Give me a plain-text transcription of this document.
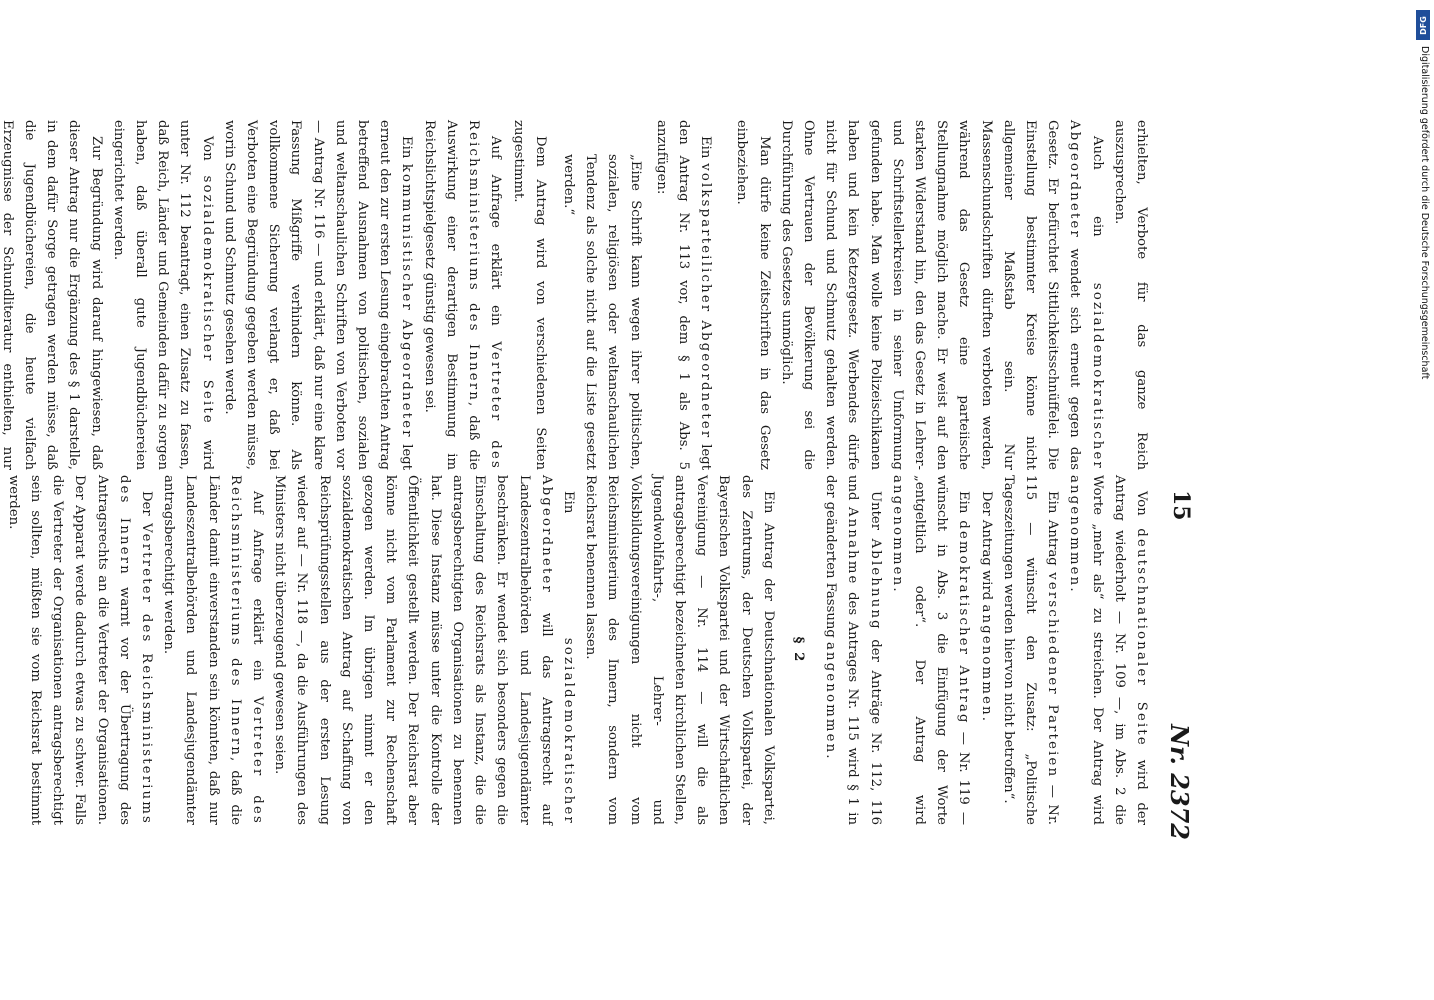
15
Nr. 2372

erhielten, Verbote für das ganze Reich auszusprechen.

Auch ein sozialdemokratischer Abgeordneter wendet sich erneut gegen das Gesetz. Er befürchtet Sittlichkeitsschnüffelei. Die Einstellung bestimmter Kreise könne nicht allgemeiner Maßstab sein. Nur Massenschundschriften dürften verboten werden, während das Gesetz eine parteiische Stellungnahme möglich mache. Er weist auf den starken Widerstand hin, den das Gesetz in Lehrer- und Schriftstellerkreisen in seiner Umformung gefunden habe. Man wolle keine Polizeischikanen haben und kein Ketzergesetz. Werbendes dürfe nicht für Schund und Schmutz gehalten werden. Ohne Vertrauen der Bevölkerung sei die Durchführung des Gesetzes unmöglich.

Man dürfe keine Zeitschriften in das Gesetz einbeziehen.

Ein volksparteilicher Abgeordneter legt den Antrag Nr. 113 vor, dem § 1 als Abs. 5 anzufügen:

„Eine Schrift kann wegen ihrer politischen, sozialen, religiösen oder weltanschaulichen Tendenz als solche nicht auf die Liste gesetzt werden.“

Dem Antrag wird von verschiedenen Seiten zugestimmt.

Auf Anfrage erklärt ein Vertreter des Reichsministeriums des Innern, daß die Auswirkung einer derartigen Bestimmung im Reichslichtspielgesetz günstig gewesen sei.

Ein kommunistischer Abgeordneter legt erneut den zur ersten Lesung eingebrachten Antrag betreffend Ausnahmen von politischen, sozialen und weltanschaulichen Schriften von Verboten vor — Antrag Nr. 116 — und erklärt, daß nur eine klare Fassung Mißgriffe verhindern könne. Als vollkommene Sicherung verlangt er, daß bei Verboten eine Begründung gegeben werden müsse, worin Schund und Schmutz gesehen werde.

Von sozialdemokratischer Seite wird unter Nr. 112 beantragt, einen Zusatz zu fassen, daß Reich, Länder und Gemeinden dafür zu sorgen haben, daß überall gute Jugendbüchereien eingerichtet werden.

Zur Begründung wird darauf hingewiesen, daß dieser Antrag nur die Ergänzung des § 1 darstelle, in dem dafür Sorge getragen werden müsse, daß die Jugendbüchereien, die heute vielfach Erzeugnisse der Schundliteratur enthielten, nur

Von deutschnationaler Seite wird der Antrag wiederholt — Nr. 109 —, im Abs. 2 die Worte „mehr als“ zu streichen. Der Antrag wird angenommen.

Ein Antrag verschiedener Parteien — Nr. 115 — wünscht den Zusatz: „Politische Tageszeitungen werden hiervon nicht betroffen“.

Der Antrag wird angenommen.

Ein demokratischer Antrag — Nr. 119 — wünscht in Abs. 3 die Einfügung der Worte „entgeltlich oder“. Der Antrag wird angenommen.

Unter Ablehnung der Anträge Nr. 112, 116 und Annahme des Antrages Nr. 115 wird § 1 in der geänderten Fassung angenommen.

§ 2

Ein Antrag der Deutschnationalen Volkspartei, des Zentrums, der Deutschen Volkspartei, der Bayerischen Volkspartei und der Wirtschaftlichen Vereinigung — Nr. 114 — will die als antragsberechtigt bezeichneten kirchlichen Stellen, Jugendwohlfahrts-, Lehrer- und Volksbildungsvereinigungen nicht vom Reichsministerium des Innern, sondern vom Reichsrat benennen lassen.

Ein sozialdemokratischer Abgeordneter will das Antragsrecht auf Landeszentralbehörden und Landesjugendämter beschränken. Er wendet sich besonders gegen die Einschaltung des Reichsrats als Instanz, die die antragsberechtigten Organisationen zu benennen hat. Diese Instanz müsse unter die Kontrolle der Öffentlichkeit gestellt werden. Der Reichsrat aber könne nicht vom Parlament zur Rechenschaft gezogen werden. Im übrigen nimmt er den sozialdemokratischen Antrag auf Schaffung von Reichsprüfungsstellen aus der ersten Lesung wieder auf — Nr. 118 —, da die Ausführungen des Ministers nicht überzeugend gewesen seien.

Auf Anfrage erklärt ein Vertreter des Reichsministeriums des Innern, daß die Länder damit einverstanden sein könnten, daß nur Landeszentralbehörden und Landesjugendämter antragsberechtigt werden.

Der Vertreter des Reichsministeriums des Innern warnt vor der Übertragung des Antragsrechts an die Vertreter der Organisationen. Der Apparat werde dadurch etwas zu schwer. Falls die Vertreter der Organisationen antragsberechtigt sein sollten, müßten sie vom Reichsrat bestimmt werden.

DFG
Digitalisierung gefördert durch die Deutsche Forschungsgemeinschaft
